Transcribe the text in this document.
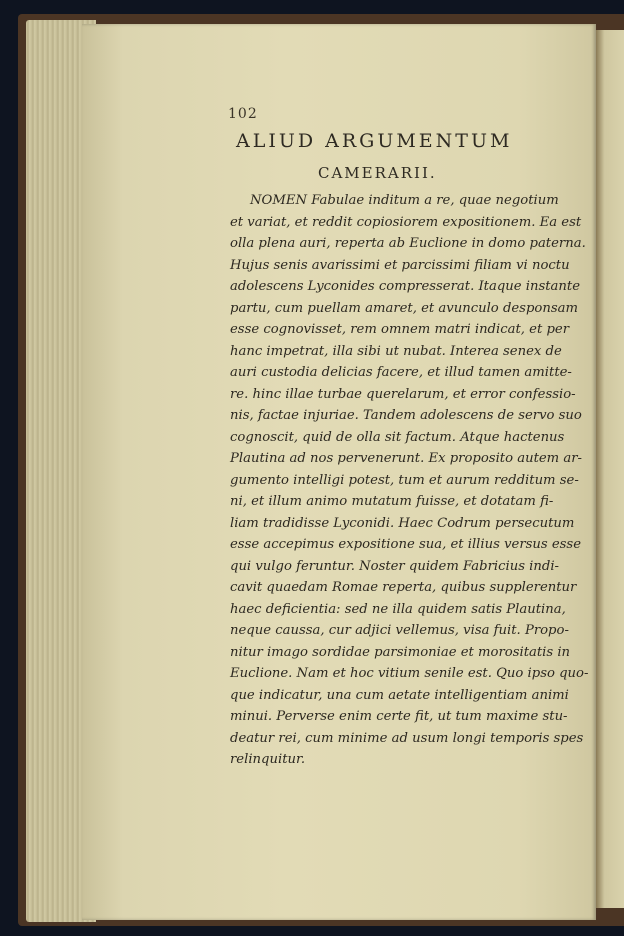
102
ALIUD ARGUMENTUM
CAMERARII.
NOMEN Fabulae inditum a re, quae negotium
et variat, et reddit copiosiorem expositionem. Ea est
olla plena auri, reperta ab Euclione in domo paterna.
Hujus senis avarissimi et parcissimi filiam vi noctu
adolescens Lyconides compresserat. Itaque instante
partu, cum puellam amaret, et avunculo desponsam
esse cognovisset, rem omnem matri indicat, et per
hanc impetrat, illa sibi ut nubat. Interea senex de
auri custodia delicias facere, et illud tamen amitte-
re. hinc illae turbae querelarum, et error confessio-
nis, factae injuriae. Tandem adolescens de servo suo
cognoscit, quid de olla sit factum. Atque hactenus
Plautina ad nos pervenerunt. Ex proposito autem ar-
gumento intelligi potest, tum et aurum redditum se-
ni, et illum animo mutatum fuisse, et dotatam fi-
liam tradidisse Lyconidi. Haec Codrum persecutum
esse accepimus expositione sua, et illius versus esse
qui vulgo feruntur. Noster quidem Fabricius indi-
cavit quaedam Romae reperta, quibus supplerentur
haec deficientia: sed ne illa quidem satis Plautina,
neque caussa, cur adjici vellemus, visa fuit. Propo-
nitur imago sordidae parsimoniae et morositatis in
Euclione. Nam et hoc vitium senile est. Quo ipso quo-
que indicatur, una cum aetate intelligentiam animi
minui. Perverse enim certe fit, ut tum maxime stu-
deatur rei, cum minime ad usum longi temporis spes
relinquitur.
